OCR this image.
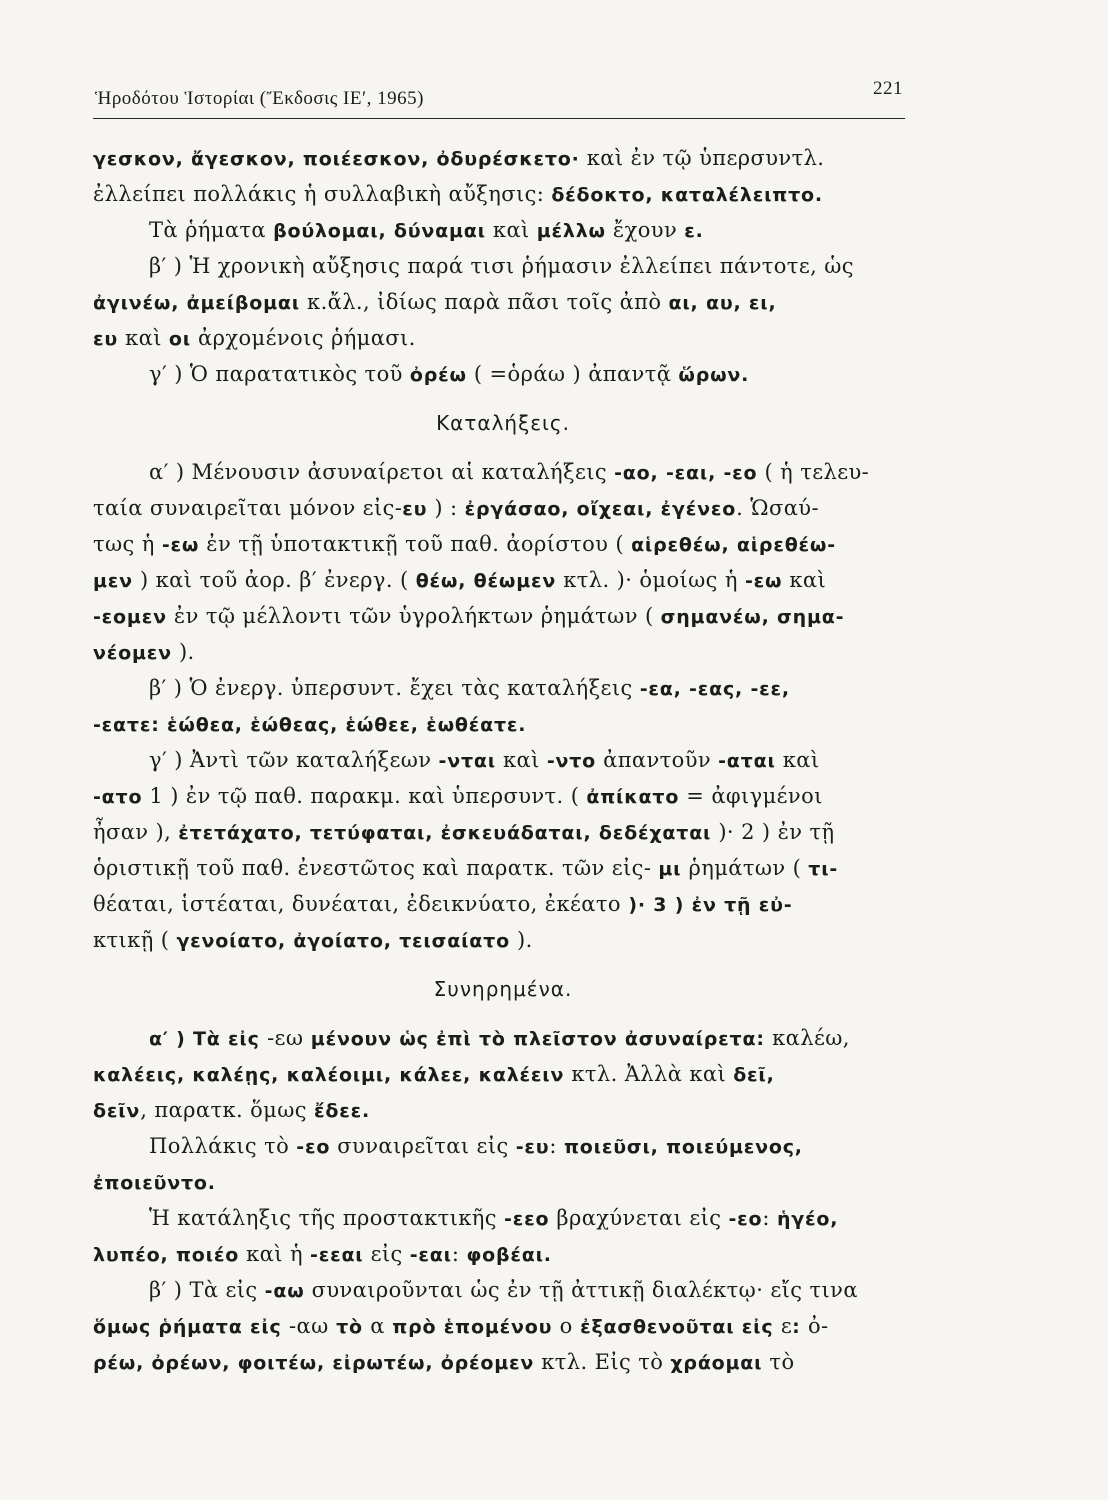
Ἡροδότου Ἱστορίαι (Ἔκδοσις ΙΕ′, 1965)	221
γεσκον, ἄγεσκον, ποιέεσκον, ὀδυρέσκετο· καὶ ἐν τῷ ὑπερσυντλ.
ἐλλείπει πολλάκις ἡ συλλαβικὴ αὔξησις: δέδοκτο, καταλέλειπτο.
Τὰ ῥήματα βούλομαι, δύναμαι καὶ μέλλω ἔχουν ε.
β′ ) Ἡ χρονικὴ αὔξησις παρά τισι ῥήμασιν ἐλλείπει πάντοτε, ὡς
ἀγινέω, ἀμείβομαι κ.ἄλ., ἰδίως παρὰ πᾶσι τοῖς ἀπὸ αι, αυ, ει,
ευ καὶ οι ἀρχομένοις ῥήμασι.
γ′ ) Ὁ παρατατικὸς τοῦ ὀρέω ( =ὁράω ) ἀπαντᾷ ὥρων.
Καταλήξεις.
α′ ) Μένουσιν ἀσυναίρετοι αἱ καταλήξεις -αο, -εαι, -εο ( ἡ τελευ-
ταία συναιρεῖται μόνον εἰς-ευ ) : ἐργάσαο, οἴχεαι, ἐγένεο. Ὡσαύ-
τως ἡ -εω ἐν τῇ ὑποτακτικῇ τοῦ παθ. ἀορίστου ( αἱρεθέω, αἱρεθέω-
μεν ) καὶ τοῦ ἀορ. β′ ἐνεργ. ( θέω, θέωμεν κτλ. )· ὁμοίως ἡ -εω καὶ
-εομεν ἐν τῷ μέλλοντι τῶν ὑγρολήκτων ῥημάτων ( σημανέω, σημα-
νέομεν ).
β′ ) Ὁ ἐνεργ. ὑπερσυντ. ἔχει τὰς καταλήξεις -εα, -εας, -εε,
-εατε: ἑώθεα, ἑώθεας, ἑώθεε, ἑωθέατε.
γ′ ) Ἀντὶ τῶν καταλήξεων -νται καὶ -ντο ἀπαντοῦν -αται καὶ
-ατο 1 ) ἐν τῷ παθ. παρακμ. καὶ ὑπερσυντ. ( ἀπίκατο = ἀφιγμένοι
ἦσαν ), ἐτετάχατο, τετύφαται, ἐσκευάδαται, δεδέχαται )· 2 ) ἐν τῇ
ὁριστικῇ τοῦ παθ. ἐνεστῶτος καὶ παρατκ. τῶν εἰς- μι ῥημάτων ( τι-
θέαται, ἱστέαται, δυνέαται, ἐδεικνύατο, ἐκέατο )· 3 ) ἐν τῇ εὐ-
κτικῇ ( γενοίατο, ἀγοίατο, τεισαίατο ).
Συνηρημένα.
α′ ) Τὰ εἰς -εω μένουν ὡς ἐπὶ τὸ πλεῖστον ἀσυναίρετα: καλέω,
καλέεις, καλέῃς, καλέοιμι, κάλεε, καλέειν κτλ. Ἀλλὰ καὶ δεῖ,
δεῖν, παρατκ. ὅμως ἔδεε.
Πολλάκις τὸ -εο συναιρεῖται εἰς -ευ: ποιεῦσι, ποιεύμενος,
ἐποιεῦντο.
Ἡ κατάληξις τῆς προστακτικῆς -εεο βραχύνεται εἰς -εο: ἡγέο,
λυπέο, ποιέο καὶ ἡ -εεαι εἰς -εαι: φοβέαι.
β′ ) Τὰ εἰς -αω συναιροῦνται ὡς ἐν τῇ ἀττικῇ διαλέκτῳ· εἴς τινα
ὅμως ῥήματα εἰς -αω τὸ α πρὸ ἑπομένου ο ἐξασθενοῦται εἰς ε: ὀ-
ρέω, ὀρέων, φοιτέω, εἰρωτέω, ὀρέομεν κτλ. Εἰς τὸ χράομαι τὸ
